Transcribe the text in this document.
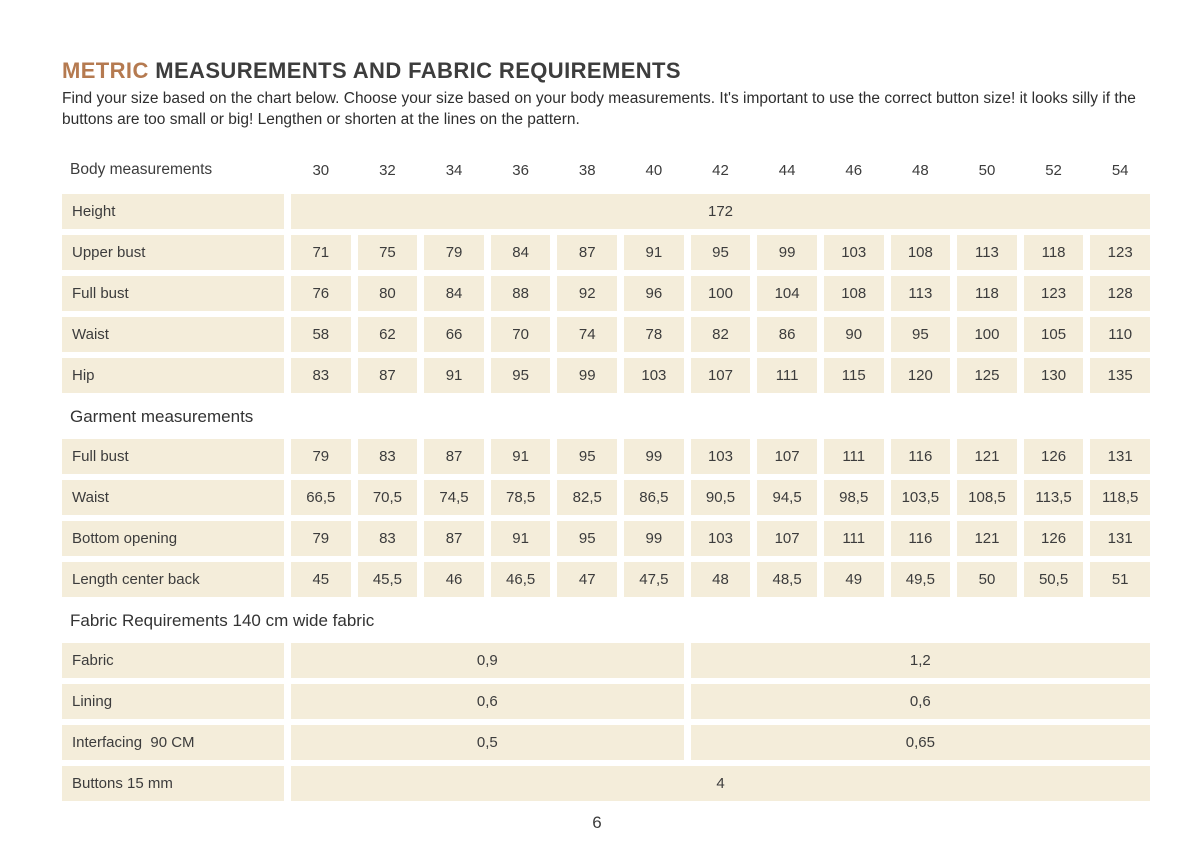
METRIC MEASUREMENTS AND FABRIC REQUIREMENTS

Find your size based on the chart below. Choose your size based on your body measurements. It's important to use the correct button size! it looks silly if the buttons are too small or big! Lengthen or shorten at the lines on the pattern.

Body measurements	30	32	34	36	38	40	42	44	46	48	50	52	54
Height	172
Upper bust	71	75	79	84	87	91	95	99	103	108	113	118	123
Full bust	76	80	84	88	92	96	100	104	108	113	118	123	128
Waist	58	62	66	70	74	78	82	86	90	95	100	105	110
Hip	83	87	91	95	99	103	107	111	115	120	125	130	135
Garment measurements
Full bust	79	83	87	91	95	99	103	107	111	116	121	126	131
Waist	66,5	70,5	74,5	78,5	82,5	86,5	90,5	94,5	98,5	103,5	108,5	113,5	118,5
Bottom opening	79	83	87	91	95	99	103	107	111	116	121	126	131
Length center back	45	45,5	46	46,5	47	47,5	48	48,5	49	49,5	50	50,5	51
Fabric Requirements 140 cm wide fabric
Fabric	0,9	1,2
Lining	0,6	0,6
Interfacing  90 CM	0,5	0,65
Buttons 15 mm	4
6
